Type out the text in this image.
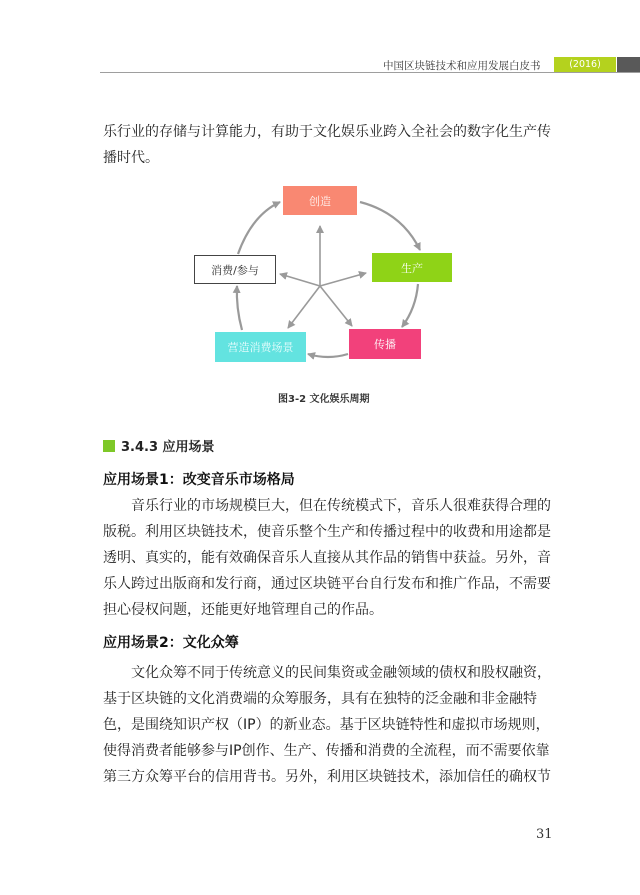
中国区块链技术和应用发展白皮书	(2016)

乐行业的存储与计算能力，有助于文化娱乐业跨入全社会的数字化生产传播时代。

创造
生产
传播
营造消费场景
消费/参与
图3-2 文化娱乐周期
3.4.3 应用场景
应用场景1：改变音乐市场格局

音乐行业的市场规模巨大，但在传统模式下，音乐人很难获得合理的版税。利用区块链技术，使音乐整个生产和传播过程中的收费和用途都是透明、真实的，能有效确保音乐人直接从其作品的销售中获益。另外，音乐人跨过出版商和发行商，通过区块链平台自行发布和推广作品，不需要担心侵权问题，还能更好地管理自己的作品。

应用场景2：文化众筹

文化众筹不同于传统意义的民间集资或金融领域的债权和股权融资，基于区块链的文化消费端的众筹服务，具有在独特的泛金融和非金融特色，是围绕知识产权（IP）的新业态。基于区块链特性和虚拟市场规则，使得消费者能够参与IP创作、生产、传播和消费的全流程，而不需要依靠第三方众筹平台的信用背书。另外，利用区块链技术，添加信任的确权节

31
